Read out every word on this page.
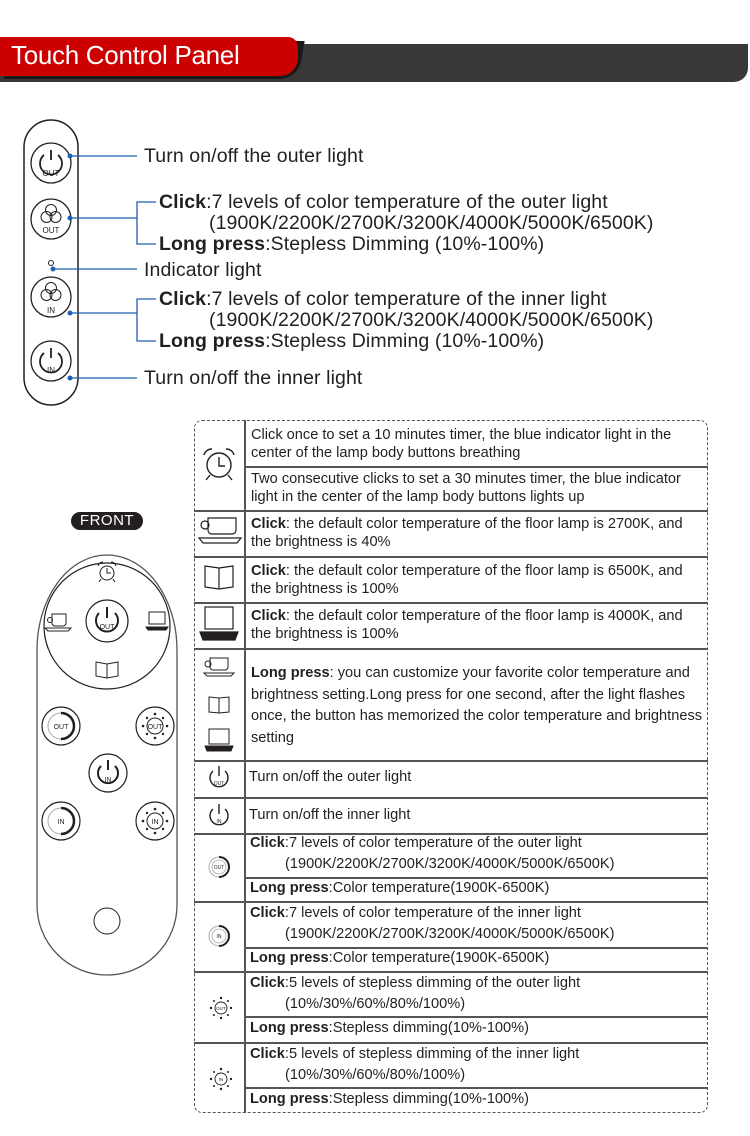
Touch Control Panel
OUT
OUT
IN
IN
Turn on/off the outer light
Click:7 levels of color temperature of the outer light
(1900K/2200K/2700K/3200K/4000K/5000K/6500K)
Long press:Stepless Dimming (10%-100%)
Indicator light
Click:7 levels of color temperature of the inner light
(1900K/2200K/2700K/3200K/4000K/5000K/6500K)
Long press:Stepless Dimming (10%-100%)
Turn on/off the inner light
FRONT
OUT
OUT	OUT
IN
IN	IN
OUT
IN
OUT
IN
OUT
IN
Click once to set a 10 minutes timer, the blue indicator light in the center of the lamp body buttons breathing
Two consecutive clicks to set a 30 minutes timer, the blue indicator light in the center of the lamp body buttons lights up
Click: the default color temperature of the floor lamp is 2700K, and the brightness is 40%
Click: the default color temperature of the floor lamp is 6500K, and the brightness is 100%
Click: the default color temperature of the floor lamp is 4000K, and the brightness is 100%
Long press: you can customize your favorite color temperature and brightness setting.Long press for one second, after the light flashes once, the button has memorized the color temperature and brightness setting
Turn on/off the outer light
Turn on/off the inner light
Click:7 levels of color temperature of the outer light
(1900K/2200K/2700K/3200K/4000K/5000K/6500K)
Long press:Color temperature(1900K-6500K)
Click:7 levels of color temperature of the inner light
(1900K/2200K/2700K/3200K/4000K/5000K/6500K)
Long press:Color temperature(1900K-6500K)
Click:5 levels of stepless dimming of the outer light
(10%/30%/60%/80%/100%)
Long press:Stepless dimming(10%-100%)
Click:5 levels of stepless dimming of the inner light
(10%/30%/60%/80%/100%)
Long press:Stepless dimming(10%-100%)
